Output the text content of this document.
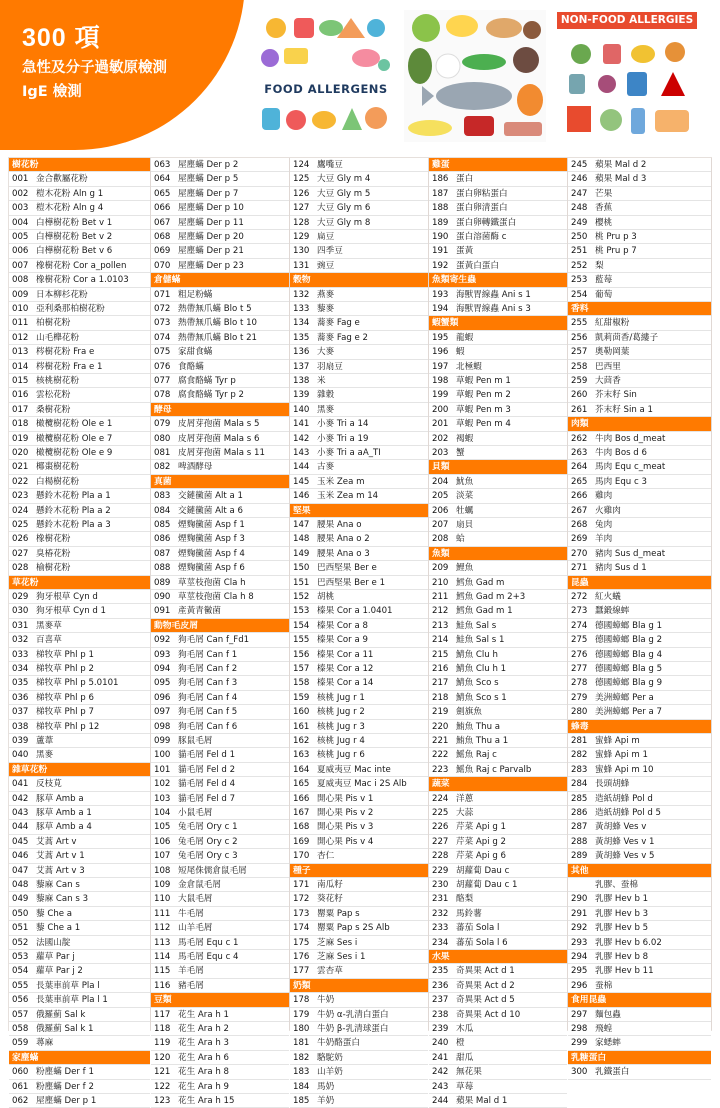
300 項
急性及分子過敏原檢測
IgE 檢測	FOOD ALLERGENS
NON-FOOD ALLERGIES
樹花粉
001 金合歡屬花粉
002 榿木花粉 Aln g 1
003 榿木花粉 Aln g 4
004 白樺樹花粉 Bet v 1
005 白樺樹花粉 Bet v 2
006 白樺樹花粉 Bet v 6
007 橡樹花粉 Cor a_pollen
008 橡樹花粉 Cor a 1.0103
009 日本柳杉花粉
010 亞利桑那柏樹花粉
011 柏樹花粉
012 山毛櫸花粉
013 梣樹花粉 Fra e
014 梣樹花粉 Fra e 1
015 核桃樹花粉
016 雲松花粉
017 桑樹花粉
018 橄欖樹花粉 Ole e 1
019 橄欖樹花粉 Ole e 7
020 橄欖樹花粉 Ole e 9
021 椰棗樹花粉
022 白楊樹花粉
023 懸鈴木花粉 Pla a 1
024 懸鈴木花粉 Pla a 2
025 懸鈴木花粉 Pla a 3
026 橡樹花粉
027 臭椿花粉
028 榆樹花粉
草花粉
029 狗牙根草 Cyn d
030 狗牙根草 Cyn d 1
031 黑麥草
032 百喜草
033 梯牧草 Phl p 1
034 梯牧草 Phl p 2
035 梯牧草 Phl p 5.0101
036 梯牧草 Phl p 6
037 梯牧草 Phl p 7
038 梯牧草 Phl p 12
039 蘆葦
040 黑麥
雜草花粉
041 反枝莧
042 豚草 Amb a
043 豚草 Amb a 1
044 豚草 Amb a 4
045 艾蒿 Art v
046 艾蒿 Art v 1
047 艾蒿 Art v 3
048 藜麻 Can s
049 藜麻 Can s 3
050 藜 Che a
051 藜 Che a 1
052 法國山靛
053 蘿草 Par j
054 蘿草 Par j 2
055 長葉車前草 Pla l
056 長葉車前草 Pla l 1
057 俄羅薊 Sal k
058 俄羅薊 Sal k 1
059 蕁麻
家塵蟎
060 粉塵蟎 Der f 1
061 粉塵蟎 Der f 2
062 屋塵蟎 Der p 1
063 屋塵蟎 Der p 2
064 屋塵蟎 Der p 5
065 屋塵蟎 Der p 7
066 屋塵蟎 Der p 10
067 屋塵蟎 Der p 11
068 屋塵蟎 Der p 20
069 屋塵蟎 Der p 21
070 屋塵蟎 Der p 23
倉儲蟎
071 粗足粉蟎
072 熱帶無爪蟎 Blo t 5
073 熱帶無爪蟎 Blo t 10
074 熱帶無爪蟎 Blo t 21
075 家甜食蟎
076 食酪蟎
077 腐食酪蟎 Tyr p
078 腐食酪蟎 Tyr p 2
酵母
079 皮屑芽孢菌 Mala s 5
080 皮屑芽孢菌 Mala s 6
081 皮屑芽孢菌 Mala s 11
082 啤酒酵母
真菌
083 交鏈黴菌 Alt a 1
084 交鏈黴菌 Alt a 6
085 煙麴黴菌 Asp f 1
086 煙麴黴菌 Asp f 3
087 煙麴黴菌 Asp f 4
088 煙麴黴菌 Asp f 6
089 草莖枝孢菌 Cla h
090 草莖枝孢菌 Cla h 8
091 產黃青黴菌
動物毛皮屑
092 狗毛屑 Can f_Fd1
093 狗毛屑 Can f 1
094 狗毛屑 Can f 2
095 狗毛屑 Can f 3
096 狗毛屑 Can f 4
097 狗毛屑 Can f 5
098 狗毛屑 Can f 6
099 豚鼠毛屑
100 貓毛屑 Fel d 1
101 貓毛屑 Fel d 2
102 貓毛屑 Fel d 4
103 貓毛屑 Fel d 7
104 小鼠毛屑
105 兔毛屑 Ory c 1
106 兔毛屑 Ory c 2
107 兔毛屑 Ory c 3
108 短尾侏儒倉鼠毛屑
109 金倉鼠毛屑
110 大鼠毛屑
111 牛毛屑
112 山羊毛屑
113 馬毛屑 Equ c 1
114 馬毛屑 Equ c 4
115 羊毛屑
116 豬毛屑
豆類
117 花生 Ara h 1
118 花生 Ara h 2
119 花生 Ara h 3
120 花生 Ara h 6
121 花生 Ara h 8
122 花生 Ara h 9
123 花生 Ara h 15
124 鷹嘴豆
125 大豆 Gly m 4
126 大豆 Gly m 5
127 大豆 Gly m 6
128 大豆 Gly m 8
129 扁豆
130 四季豆
131 豌豆
穀物
132 燕麥
133 藜麥
134 蕎麥 Fag e
135 蕎麥 Fag e 2
136 大麥
137 羽扇豆
138 米
139 雜穀
140 黑麥
141 小麥 Tri a 14
142 小麥 Tri a 19
143 小麥 Tri a aA_TI
144 古麥
145 玉米 Zea m
146 玉米 Zea m 14
堅果
147 腰果 Ana o
148 腰果 Ana o 2
149 腰果 Ana o 3
150 巴西堅果 Ber e
151 巴西堅果 Ber e 1
152 胡桃
153 榛果 Cor a 1.0401
154 榛果 Cor a 8
155 榛果 Cor a 9
156 榛果 Cor a 11
157 榛果 Cor a 12
158 榛果 Cor a 14
159 核桃 Jug r 1
160 核桃 Jug r 2
161 核桃 Jug r 3
162 核桃 Jug r 4
163 核桃 Jug r 6
164 夏威夷豆 Mac inte
165 夏威夷豆 Mac i 2S Alb
166 開心果 Pis v 1
167 開心果 Pis v 2
168 開心果 Pis v 3
169 開心果 Pis v 4
170 杏仁
種子
171 南瓜籽
172 葵花籽
173 罌粟 Pap s
174 罌粟 Pap s 2S Alb
175 芝麻 Ses i
176 芝麻 Ses i 1
177 雲杏草
奶類
178 牛奶
179 牛奶 α-乳清白蛋白
180 牛奶 β-乳清球蛋白
181 牛奶酪蛋白
182 駱駝奶
183 山羊奶
184 馬奶
185 羊奶
雞蛋
186 蛋白
187 蛋白卵粘蛋白
188 蛋白卵清蛋白
189 蛋白卵轉鐵蛋白
190 蛋白溶菌酶 c
191 蛋黃
192 蛋黃白蛋白
魚類寄生蟲
193 海獸胃線蟲 Ani s 1
194 海獸胃線蟲 Ani s 3
蝦蟹類
195 龍蝦
196 蝦
197 北極蝦
198 草蝦 Pen m 1
199 草蝦 Pen m 2
200 草蝦 Pen m 3
201 草蝦 Pen m 4
202 褐蝦
203 蟹
貝類
204 魷魚
205 淡菜
206 牡蠣
207 扇貝
208 蛤
魚類
209 鯉魚
210 鱈魚 Gad m
211 鱈魚 Gad m 2+3
212 鱈魚 Gad m 1
213 鮭魚 Sal s
214 鮭魚 Sal s 1
215 鯖魚 Clu h
216 鯖魚 Clu h 1
217 鯖魚 Sco s
218 鯖魚 Sco s 1
219 劍旗魚
220 鮪魚 Thu a
221 鮪魚 Thu a 1
222 鰩魚 Raj c
223 鰩魚 Raj c Parvalb
蔬菜
224 洋蔥
225 大蒜
226 芹菜 Api g 1
227 芹菜 Api g 2
228 芹菜 Api g 6
229 胡蘿蔔 Dau c
230 胡蘿蔔 Dau c 1
231 酪梨
232 馬鈴薯
233 蕃茄 Sola l
234 蕃茄 Sola l 6
水果
235 奇異果 Act d 1
236 奇異果 Act d 2
237 奇異果 Act d 5
238 奇異果 Act d 10
239 木瓜
240 橙
241 甜瓜
242 無花果
243 草莓
244 蘋果 Mal d 1
245 蘋果 Mal d 2
246 蘋果 Mal d 3
247 芒果
248 香蕉
249 櫻桃
250 桃 Pru p 3
251 桃 Pru p 7
252 梨
253 藍莓
254 葡萄
香料
255 紅甜椒粉
256 凱莉茴香/葛縷子
257 奧勒岡葉
258 巴西里
259 大茴香
260 芥末籽 Sin
261 芥末籽 Sin a 1
肉類
262 牛肉 Bos d_meat
263 牛肉 Bos d 6
264 馬肉 Equ c_meat
265 馬肉 Equ c 3
266 雞肉
267 火雞肉
268 兔肉
269 羊肉
270 豬肉 Sus d_meat
271 豬肉 Sus d 1
昆蟲
272 紅火蟻
273 蠶鍛線蟀
274 德國蟑螂 Bla g 1
275 德國蟑螂 Bla g 2
276 德國蟑螂 Bla g 4
277 德國蟑螂 Bla g 5
278 德國蟑螂 Bla g 9
279 美洲蟑螂 Per a
280 美洲蟑螂 Per a 7
蜂毒
281 蜜蜂 Api m
282 蜜蜂 Api m 1
283 蜜蜂 Api m 10
284 長頭胡蜂
285 造紙胡蜂 Pol d
286 造紙胡蜂 Pol d 5
287 黃胡蜂 Ves v
288 黃胡蜂 Ves v 1
289 黃胡蜂 Ves v 5
其他
乳膠、蚕棉
290 乳膠 Hev b 1
291 乳膠 Hev b 3
292 乳膠 Hev b 5
293 乳膠 Hev b 6.02
294 乳膠 Hev b 8
295 乳膠 Hev b 11
296 蚕棉
食用昆蟲
297 麵包蟲
298 飛蝗
299 家蟋蟀
乳糖蛋白
300 乳鐵蛋白
